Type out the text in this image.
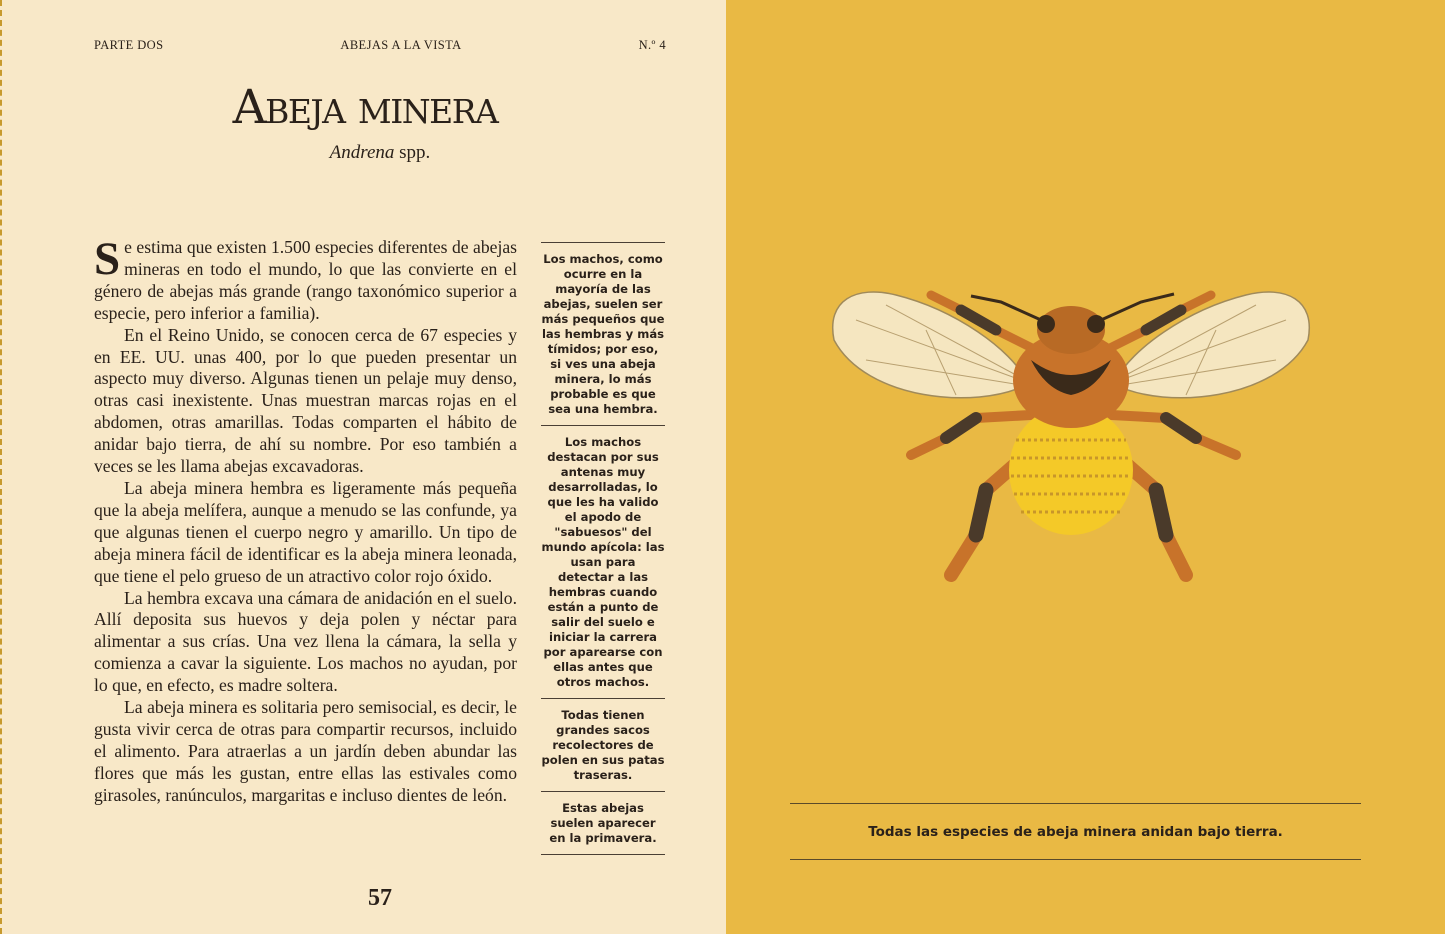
PARTE DOS	ABEJAS A LA VISTA	N.º 4
Abeja minera
Andrena spp.

Se estima que existen 1.500 especies diferentes de abejas mineras en todo el mundo, lo que las convierte en el género de abejas más grande (rango taxonómico superior a especie, pero inferior a familia).

En el Reino Unido, se conocen cerca de 67 especies y en EE. UU. unas 400, por lo que pueden presentar un aspecto muy diverso. Algunas tienen un pelaje muy denso, otras casi inexistente. Unas muestran marcas rojas en el abdomen, otras amarillas. Todas comparten el hábito de anidar bajo tierra, de ahí su nombre. Por eso también a veces se les llama abejas excavadoras.

La abeja minera hembra es ligeramente más pequeña que la abeja melífera, aunque a menudo se las confunde, ya que algunas tienen el cuerpo negro y amarillo. Un tipo de abeja minera fácil de identificar es la abeja minera leonada, que tiene el pelo grueso de un atractivo color rojo óxido.

La hembra excava una cámara de anidación en el suelo. Allí deposita sus huevos y deja polen y néctar para alimentar a sus crías. Una vez llena la cámara, la sella y comienza a cavar la siguiente. Los machos no ayudan, por lo que, en efecto, es madre soltera.

La abeja minera es solitaria pero semisocial, es decir, le gusta vivir cerca de otras para compartir recursos, incluido el alimento. Para atraerlas a un jardín deben abundar las flores que más les gustan, entre ellas las estivales como girasoles, ranúnculos, margaritas e incluso dientes de león.

Los machos, como ocurre en la mayoría de las abejas, suelen ser más pequeños que las hembras y más tímidos; por eso, si ves una abeja minera, lo más probable es que sea una hembra.
Los machos destacan por sus antenas muy desarrolladas, lo que les ha valido el apodo de "sabuesos" del mundo apícola: las usan para detectar a las hembras cuando están a punto de salir del suelo e iniciar la carrera por aparearse con ellas antes que otros machos.
Todas tienen grandes sacos recolectores de polen en sus patas traseras.
Estas abejas suelen aparecer en la primavera.
57
Todas las especies de abeja minera anidan bajo tierra.
